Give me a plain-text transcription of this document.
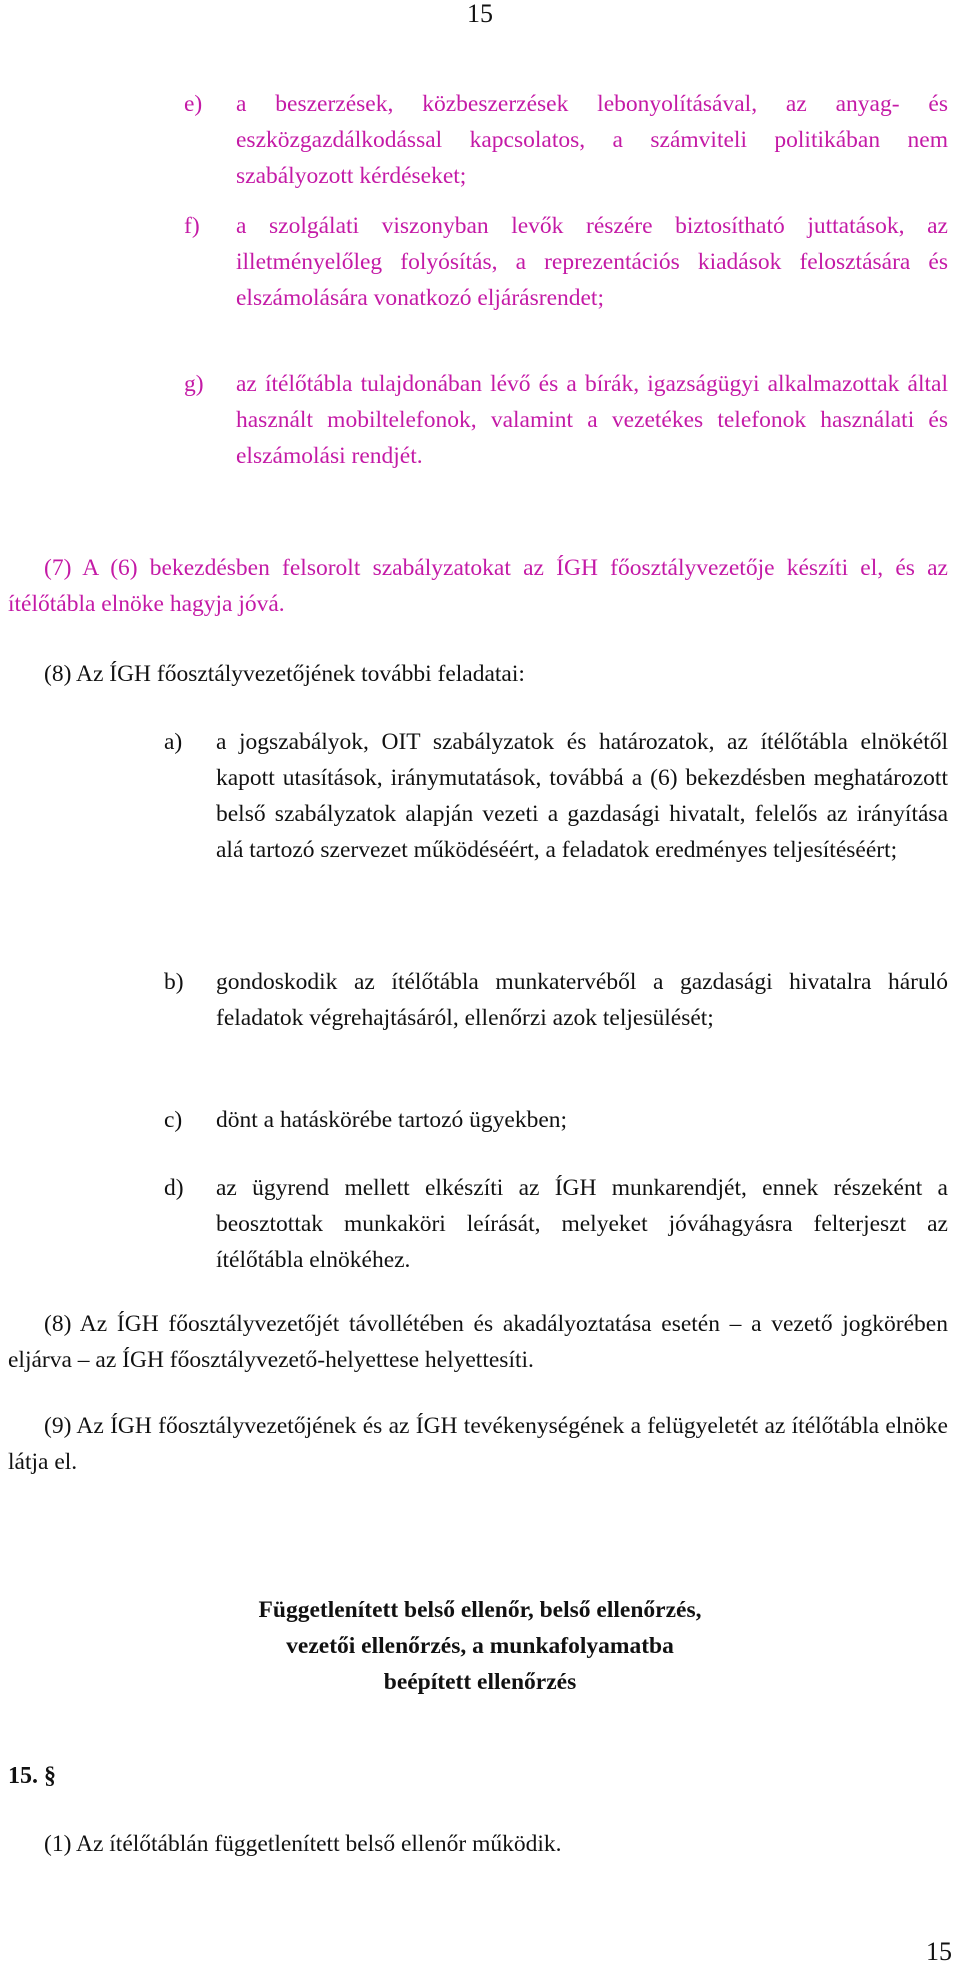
15
e) a beszerzések, közbeszerzések lebonyolításával, az anyag- és eszközgazdálkodással kapcsolatos, a számviteli politikában nem szabályozott kérdéseket;
f) a szolgálati viszonyban levők részére biztosítható juttatások, az illetményelőleg folyósítás, a reprezentációs kiadások felosztására és elszámolására vonatkozó eljárásrendet;
g) az ítélőtábla tulajdonában lévő és a bírák, igazságügyi alkalmazottak által használt mobiltelefonok, valamint a vezetékes telefonok használati és elszámolási rendjét.
(7) A (6) bekezdésben felsorolt szabályzatokat az ÍGH főosztályvezetője készíti el, és az ítélőtábla elnöke hagyja jóvá.
(8) Az ÍGH főosztályvezetőjének további feladatai:
a) a jogszabályok, OIT szabályzatok és határozatok, az ítélőtábla elnökétől kapott utasítások, iránymutatások, továbbá a (6) bekezdésben meghatározott belső szabályzatok alapján vezeti a gazdasági hivatalt, felelős az irányítása alá tartozó szervezet működéséért, a feladatok eredményes teljesítéséért;
b) gondoskodik az ítélőtábla munkatervéből a gazdasági hivatalra háruló feladatok végrehajtásáról, ellenőrzi azok teljesülését;
c) dönt a hatáskörébe tartozó ügyekben;
d) az ügyrend mellett elkészíti az ÍGH munkarendjét, ennek részeként a beosztottak munkaköri leírását, melyeket jóváhagyásra felterjeszt az ítélőtábla elnökéhez.
(8) Az ÍGH főosztályvezetőjét távollétében és akadályoztatása esetén – a vezető jogkörében eljárva – az ÍGH főosztályvezető-helyettese helyettesíti.
(9) Az ÍGH főosztályvezetőjének és az ÍGH tevékenységének a felügyeletét az ítélőtábla elnöke látja el.
Függetlenített belső ellenőr, belső ellenőrzés,
vezetői ellenőrzés, a munkafolyamatba
beépített ellenőrzés
15. §
(1) Az ítélőtáblán függetlenített belső ellenőr működik.
15
